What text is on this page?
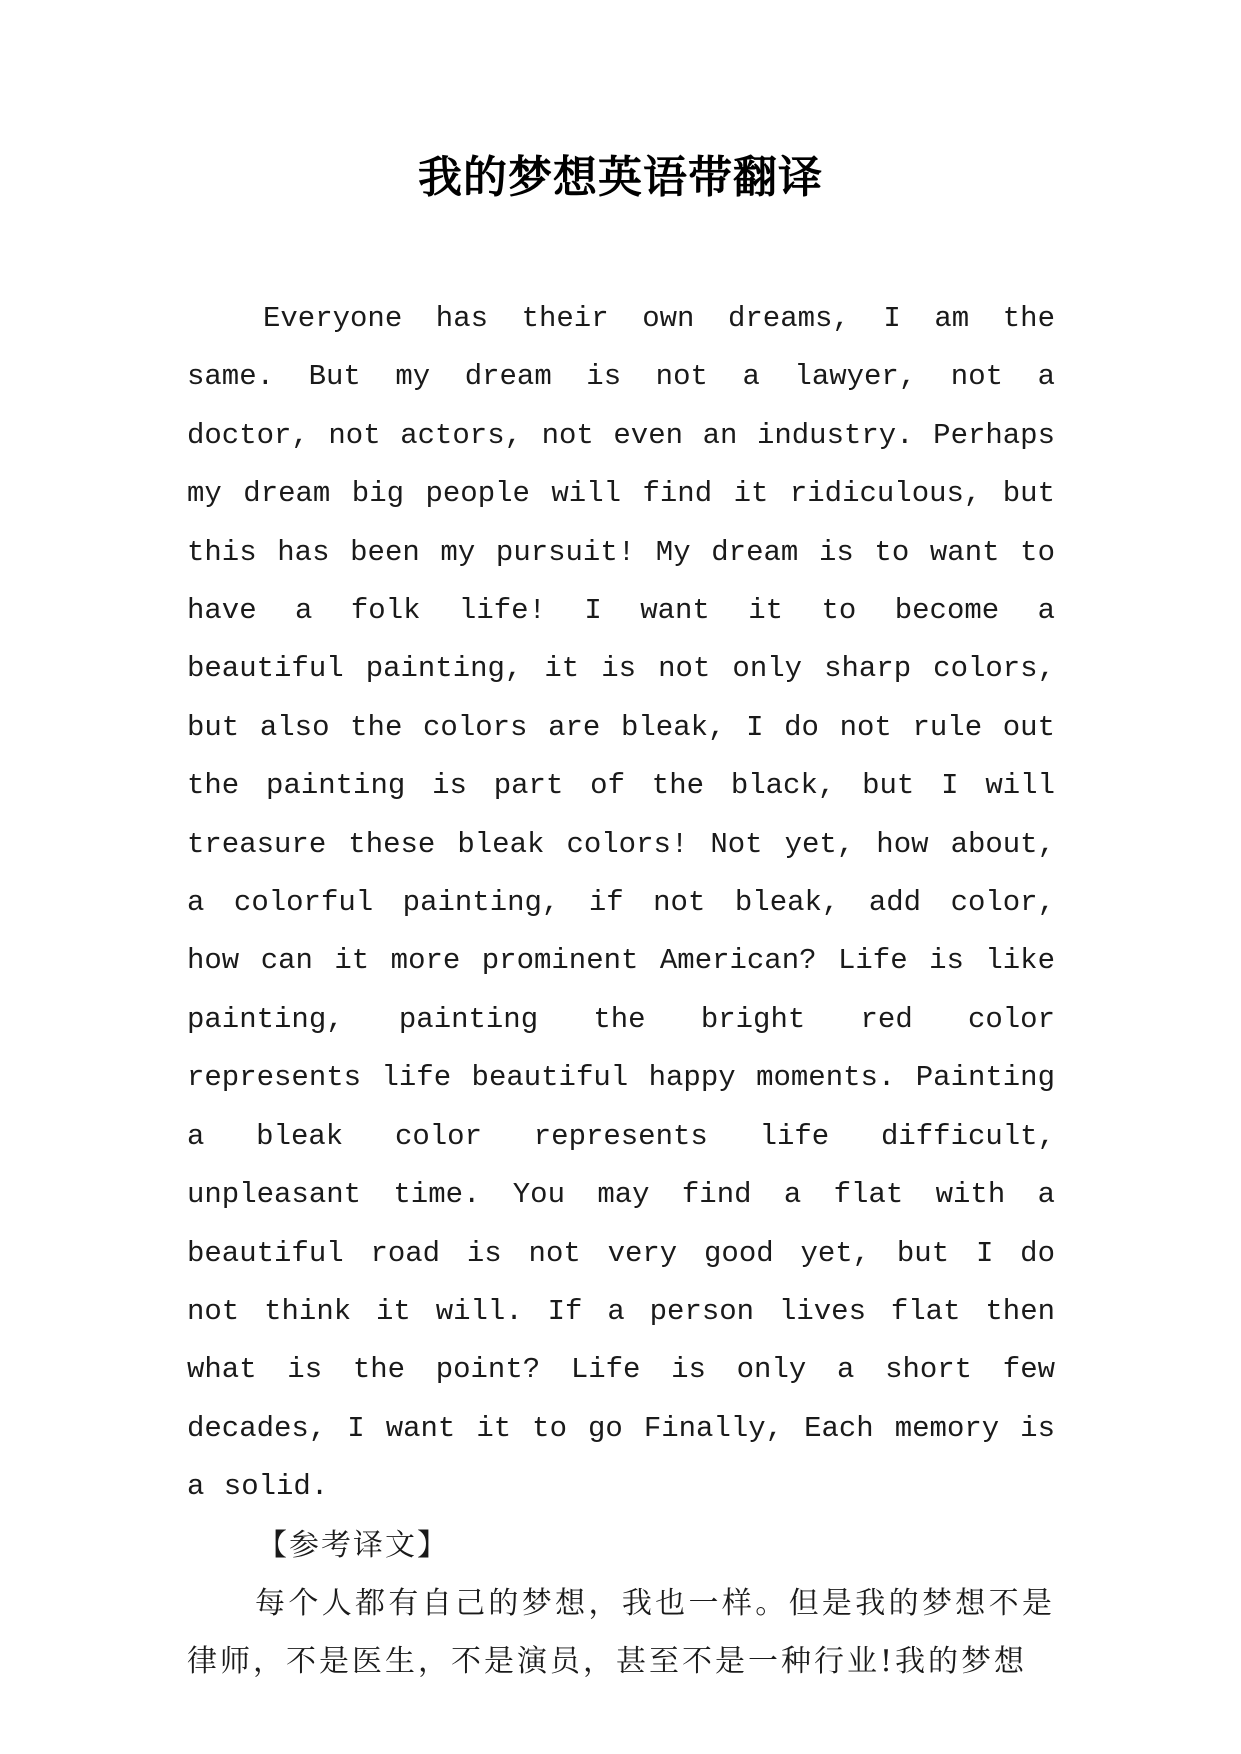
我的梦想英语带翻译

Everyone has their own dreams, I am the same. But my dream is not a lawyer, not a doctor, not actors, not even an industry. Perhaps my dream big people will find it ridiculous, but this has been my pursuit! My dream is to want to have a folk life! I want it to become a beautiful painting, it is not only sharp colors, but also the colors are bleak, I do not rule out the painting is part of the black, but I will treasure these bleak colors! Not yet, how about, a colorful painting, if not bleak, add color, how can it more prominent American? Life is like painting, painting the bright red color represents life beautiful happy moments. Painting a bleak color represents life difficult, unpleasant time. You may find a flat with a beautiful road is not very good yet, but I do not think it will. If a person lives flat then what is the point? Life is only a short few decades, I want it to go Finally, Each memory is a solid.

【参考译文】

每个人都有自己的梦想，我也一样。但是我的梦想不是律师，不是医生，不是演员，甚至不是一种行业!我的梦想
